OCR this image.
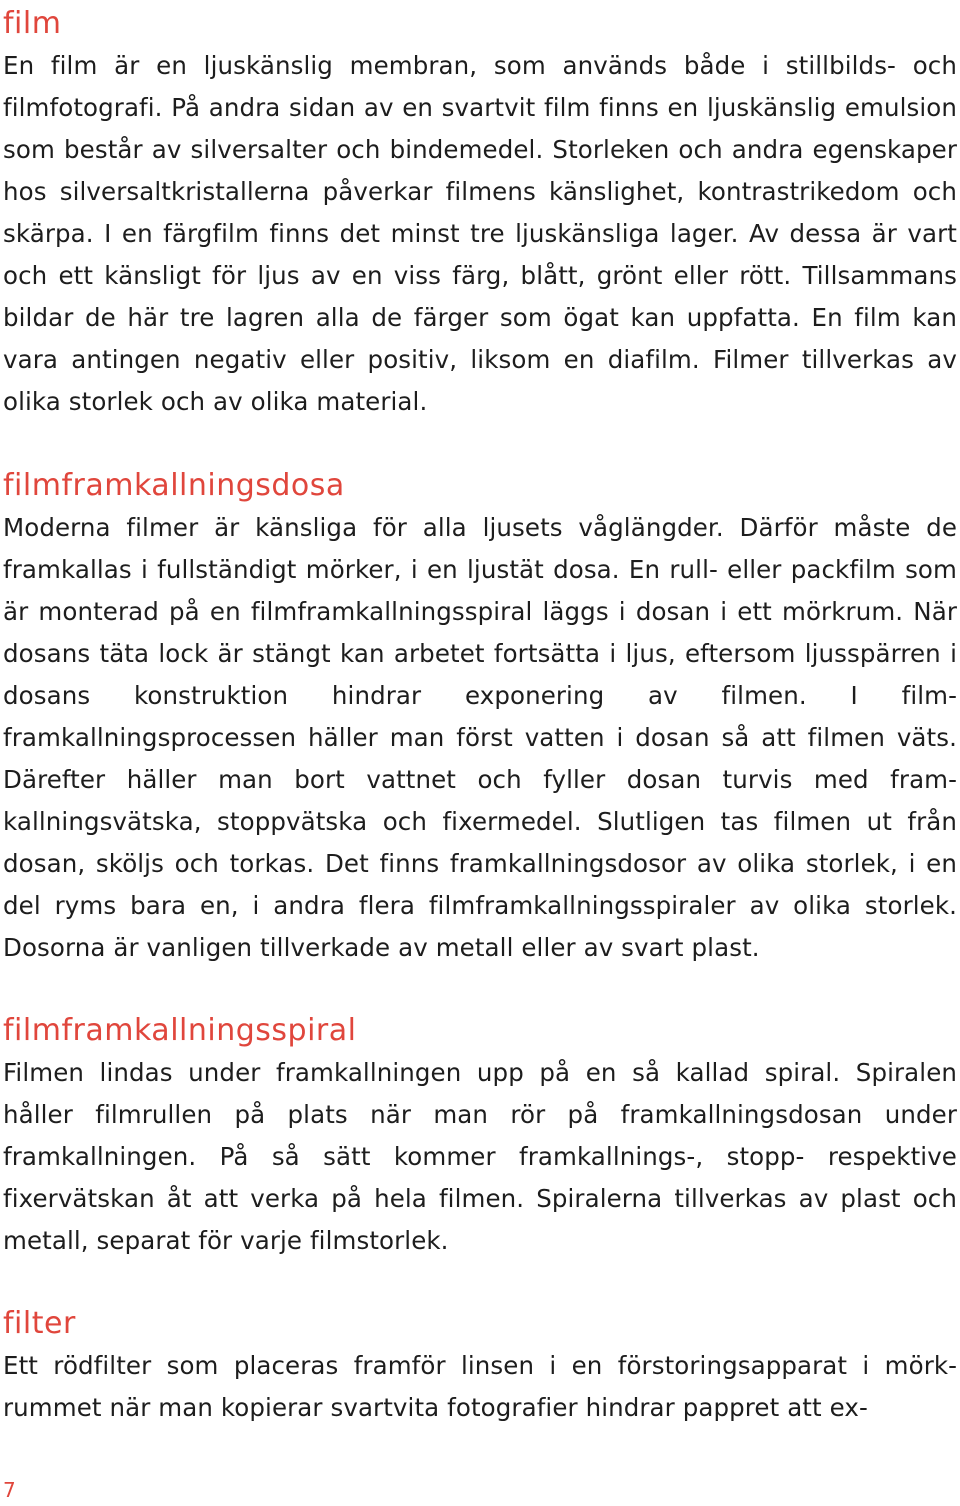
film

En film är en ljuskänslig membran, som används både i stillbilds- och filmfotografi. På andra sidan av en svartvit film finns en ljuskänslig emulsion som består av silversalter och bindemedel. Storleken och andra egenskaper hos silversaltkristallerna påverkar filmens känslighet, kontrastrikedom och skärpa. I en färgfilm finns det minst tre ljuskänsliga lager. Av dessa är vart och ett känsligt för ljus av en viss färg, blått, grönt eller rött. Tillsammans bildar de här tre lagren alla de färger som ögat kan uppfatta. En film kan vara antingen negativ eller positiv, liksom en diafilm. Filmer tillverkas av olika storlek och av olika material.

filmframkallningsdosa

Moderna filmer är känsliga för alla ljusets våglängder. Därför måste de framkallas i fullständigt mörker, i en ljustät dosa. En rull- eller packfilm som är monterad på en filmframkallningsspiral läggs i dosan i ett mörkrum. När dosans täta lock är stängt kan arbetet fortsätta i ljus, eftersom ljusspärren i dosans konstruktion hindrar exponering av filmen. I filmframkallningsprocessen häller man först vatten i dosan så att filmen väts. Därefter häller man bort vattnet och fyller dosan turvis med framkallningsvätska, stoppvätska och fixermedel. Slutligen tas filmen ut från dosan, sköljs och torkas. Det finns framkallningsdosor av olika storlek, i en del ryms bara en, i andra flera filmframkallningsspiraler av olika storlek. Dosorna är vanligen tillverkade av metall eller av svart plast.

filmframkallningsspiral

Filmen lindas under framkallningen upp på en så kallad spiral. Spiralen håller filmrullen på plats när man rör på framkallningsdosan under framkallningen. På så sätt kommer framkallnings-, stopp- respektive fixervätskan åt att verka på hela filmen. Spiralerna tillverkas av plast och metall, separat för varje filmstorlek.

filter

Ett rödfilter som placeras framför linsen i en förstoringsapparat i mörkrummet när man kopierar svartvita fotografier hindrar pappret att ex-

7
